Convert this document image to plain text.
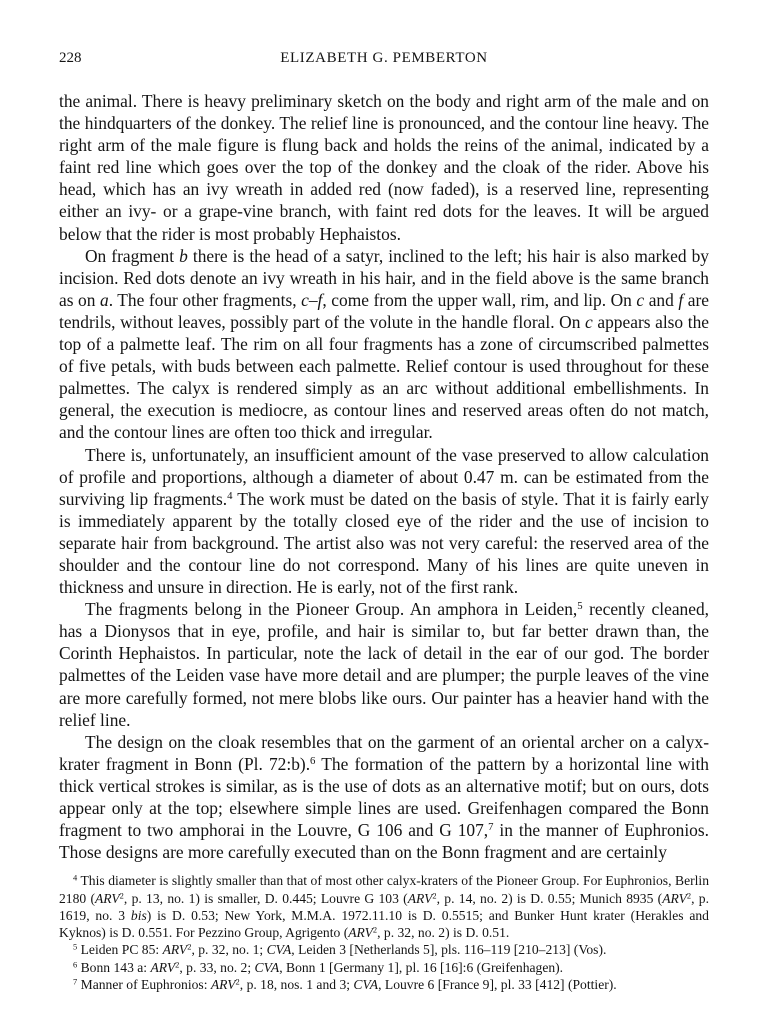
228	ELIZABETH G. PEMBERTON

the animal. There is heavy preliminary sketch on the body and right arm of the male and on the hindquarters of the donkey. The relief line is pronounced, and the contour line heavy. The right arm of the male figure is flung back and holds the reins of the animal, indicated by a faint red line which goes over the top of the donkey and the cloak of the rider. Above his head, which has an ivy wreath in added red (now faded), is a reserved line, representing either an ivy- or a grape-vine branch, with faint red dots for the leaves. It will be argued below that the rider is most probably Hephaistos.

On fragment b there is the head of a satyr, inclined to the left; his hair is also marked by incision. Red dots denote an ivy wreath in his hair, and in the field above is the same branch as on a. The four other fragments, c–f, come from the upper wall, rim, and lip. On c and f are tendrils, without leaves, possibly part of the volute in the handle floral. On c appears also the top of a palmette leaf. The rim on all four fragments has a zone of circumscribed palmettes of five petals, with buds between each palmette. Relief contour is used throughout for these palmettes. The calyx is rendered simply as an arc without additional embellishments. In general, the execution is mediocre, as contour lines and reserved areas often do not match, and the contour lines are often too thick and irregular.

There is, unfortunately, an insufficient amount of the vase preserved to allow calculation of profile and proportions, although a diameter of about 0.47 m. can be estimated from the surviving lip fragments.$^4$ The work must be dated on the basis of style. That it is fairly early is immediately apparent by the totally closed eye of the rider and the use of incision to separate hair from background. The artist also was not very careful: the reserved area of the shoulder and the contour line do not correspond. Many of his lines are quite uneven in thickness and unsure in direction. He is early, not of the first rank.

The fragments belong in the Pioneer Group. An amphora in Leiden,$^5$ recently cleaned, has a Dionysos that in eye, profile, and hair is similar to, but far better drawn than, the Corinth Hephaistos. In particular, note the lack of detail in the ear of our god. The border palmettes of the Leiden vase have more detail and are plumper; the purple leaves of the vine are more carefully formed, not mere blobs like ours. Our painter has a heavier hand with the relief line.

The design on the cloak resembles that on the garment of an oriental archer on a calyx-krater fragment in Bonn (Pl. 72:b).$^6$ The formation of the pattern by a horizontal line with thick vertical strokes is similar, as is the use of dots as an alternative motif; but on ours, dots appear only at the top; elsewhere simple lines are used. Greifenhagen compared the Bonn fragment to two amphorai in the Louvre, G 106 and G 107,$^7$ in the manner of Euphronios. Those designs are more carefully executed than on the Bonn fragment and are certainly

$^4$ This diameter is slightly smaller than that of most other calyx-kraters of the Pioneer Group. For Euphronios, Berlin 2180 (ARV$^2$, p. 13, no. 1) is smaller, D. 0.445; Louvre G 103 (ARV$^2$, p. 14, no. 2) is D. 0.55; Munich 8935 (ARV$^2$, p. 1619, no. 3 bis) is D. 0.53; New York, M.M.A. 1972.11.10 is D. 0.5515; and Bunker Hunt krater (Herakles and Kyknos) is D. 0.551. For Pezzino Group, Agrigento (ARV$^2$, p. 32, no. 2) is D. 0.51.

$^5$ Leiden PC 85: ARV$^2$, p. 32, no. 1; CVA, Leiden 3 [Netherlands 5], pls. 116–119 [210–213] (Vos).

$^6$ Bonn 143 a: ARV$^2$, p. 33, no. 2; CVA, Bonn 1 [Germany 1], pl. 16 [16]:6 (Greifenhagen).

$^7$ Manner of Euphronios: ARV$^2$, p. 18, nos. 1 and 3; CVA, Louvre 6 [France 9], pl. 33 [412] (Pottier).
